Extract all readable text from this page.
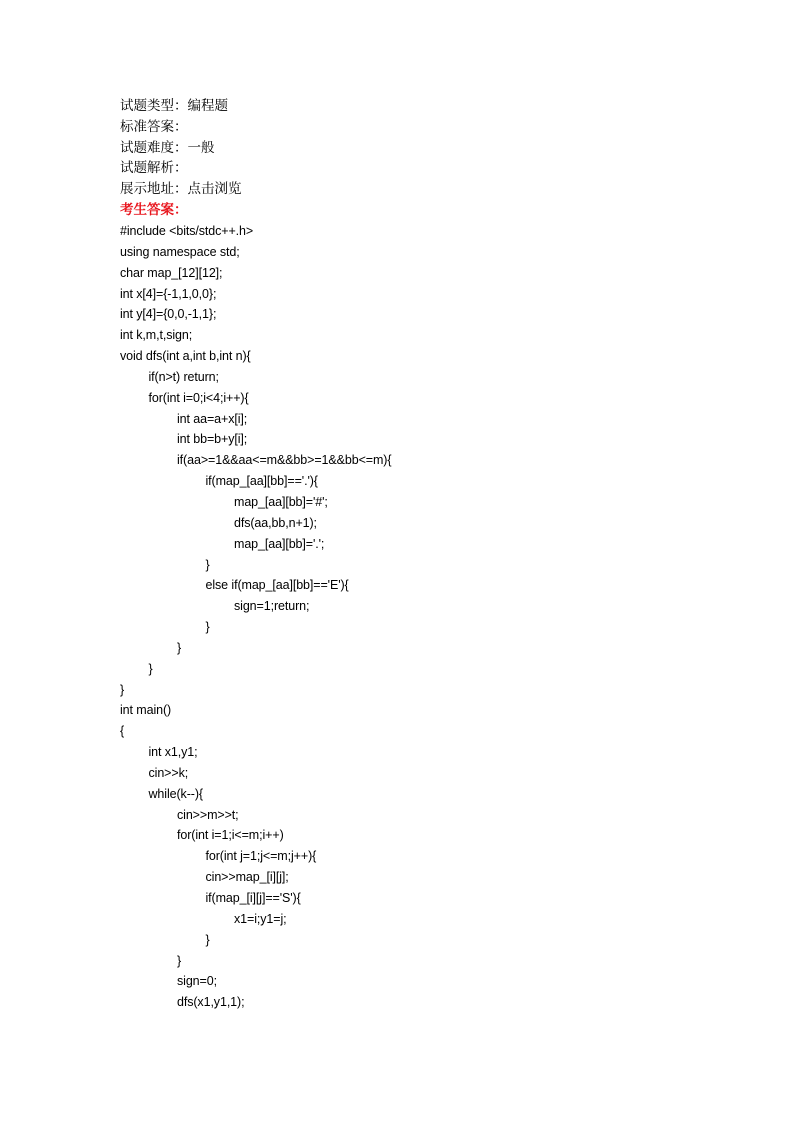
试题类型：编程题
标准答案：
试题难度：一般
试题解析：
展示地址：点击浏览
考生答案：
#include <bits/stdc++.h>
using namespace std;
char map_[12][12];
int x[4]={-1,1,0,0};
int y[4]={0,0,-1,1};
int k,m,t,sign;
void dfs(int a,int b,int n){
if(n>t) return;
for(int i=0;i<4;i++){
int aa=a+x[i];
int bb=b+y[i];
if(aa>=1&&aa<=m&&bb>=1&&bb<=m){
if(map_[aa][bb]=='.'){
map_[aa][bb]='#';
dfs(aa,bb,n+1);
map_[aa][bb]='.';
}
else if(map_[aa][bb]=='E'){
sign=1;return;
}
}
}
}
int main()
{
int x1,y1;
cin>>k;
while(k--){
cin>>m>>t;
for(int i=1;i<=m;i++)
for(int j=1;j<=m;j++){
cin>>map_[i][j];
if(map_[i][j]=='S'){
x1=i;y1=j;
}
}
sign=0;
dfs(x1,y1,1);
